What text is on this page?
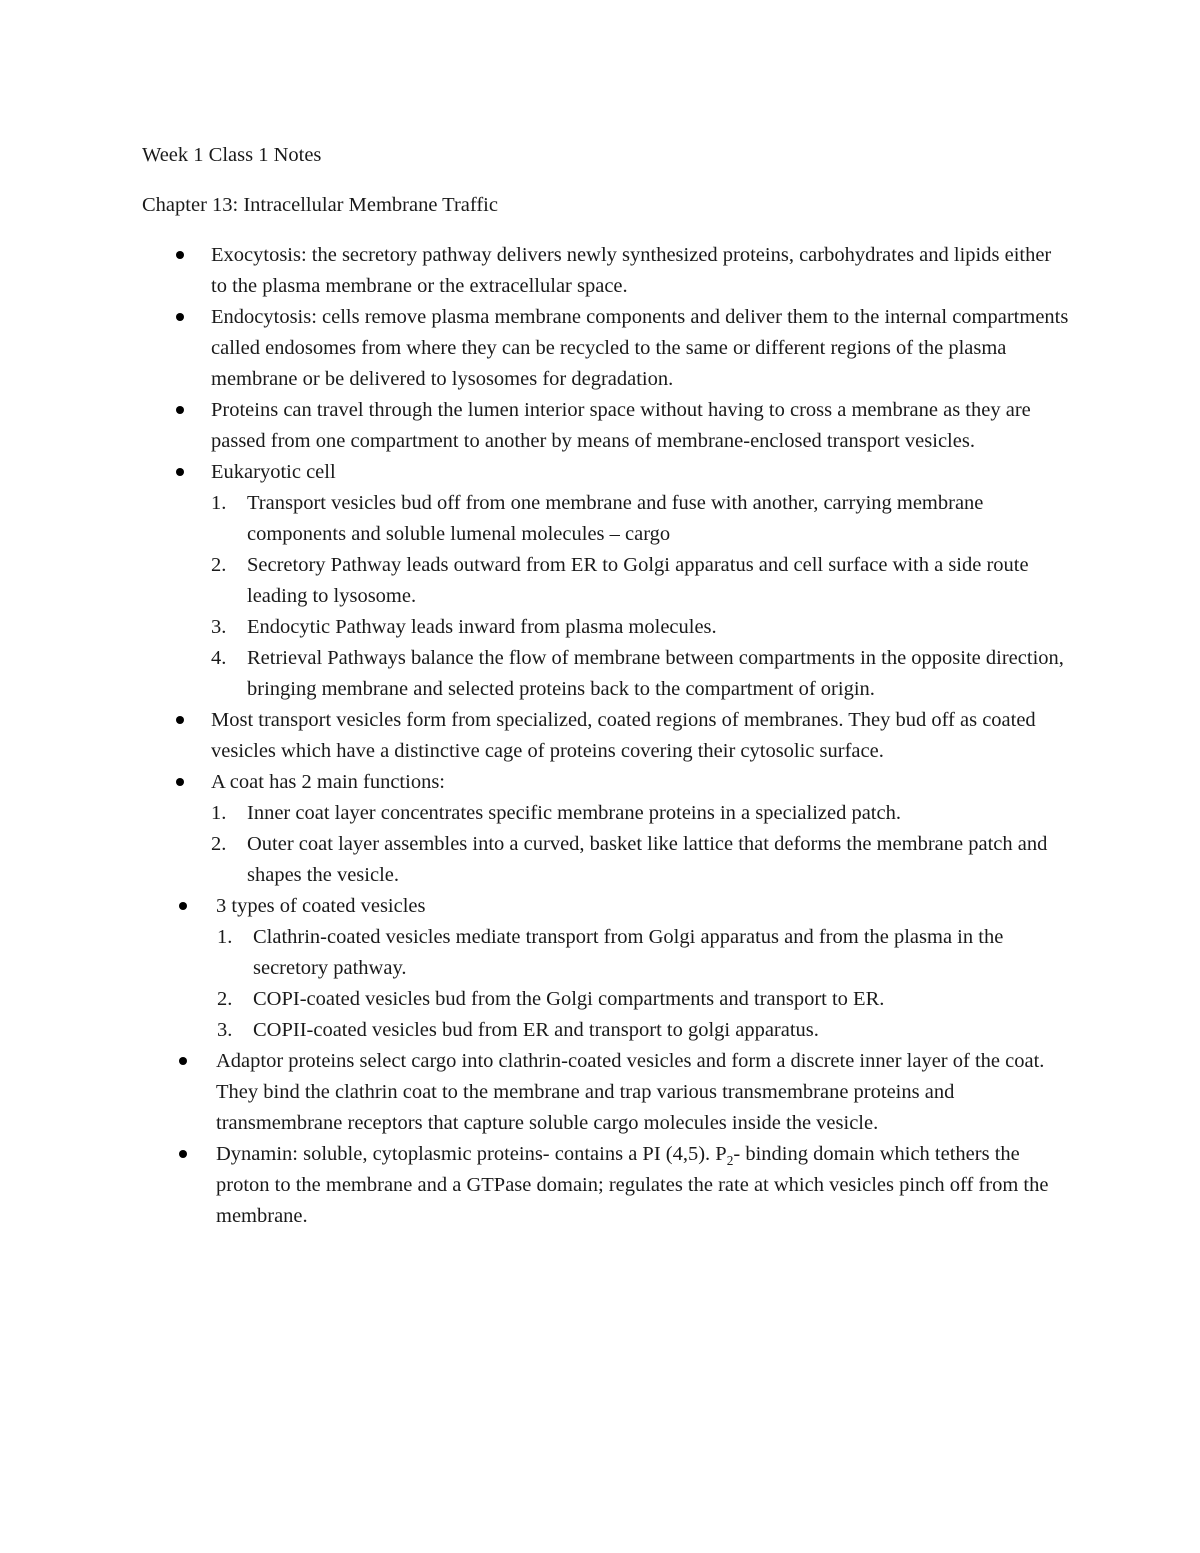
Week 1 Class 1 Notes

Chapter 13: Intracellular Membrane Traffic

Exocytosis: the secretory pathway delivers newly synthesized proteins, carbohydrates and lipids either to the plasma membrane or the extracellular space.
Endocytosis: cells remove plasma membrane components and deliver them to the internal compartments called endosomes from where they can be recycled to the same or different regions of the plasma membrane or be delivered to lysosomes for degradation.
Proteins can travel through the lumen interior space without having to cross a membrane as they are passed from one compartment to another by means of membrane-enclosed transport vesicles.
Eukaryotic cell
1. Transport vesicles bud off from one membrane and fuse with another, carrying membrane components and soluble lumenal molecules – cargo
2. Secretory Pathway leads outward from ER to Golgi apparatus and cell surface with a side route leading to lysosome.
3. Endocytic Pathway leads inward from plasma molecules.
4. Retrieval Pathways balance the flow of membrane between compartments in the opposite direction, bringing membrane and selected proteins back to the compartment of origin.
Most transport vesicles form from specialized, coated regions of membranes. They bud off as coated vesicles which have a distinctive cage of proteins covering their cytosolic surface.
A coat has 2 main functions:
1. Inner coat layer concentrates specific membrane proteins in a specialized patch.
2. Outer coat layer assembles into a curved, basket like lattice that deforms the membrane patch and shapes the vesicle.
3 types of coated vesicles
1. Clathrin-coated vesicles mediate transport from Golgi apparatus and from the plasma in the secretory pathway.
2. COPI-coated vesicles bud from the Golgi compartments and transport to ER.
3. COPII-coated vesicles bud from ER and transport to golgi apparatus.
Adaptor proteins select cargo into clathrin-coated vesicles and form a discrete inner layer of the coat. They bind the clathrin coat to the membrane and trap various transmembrane proteins and transmembrane receptors that capture soluble cargo molecules inside the vesicle.
Dynamin: soluble, cytoplasmic proteins- contains a PI (4,5). $P_2-$ binding domain which tethers the proton to the membrane and a GTPase domain; regulates the rate at which vesicles pinch off from the membrane.
